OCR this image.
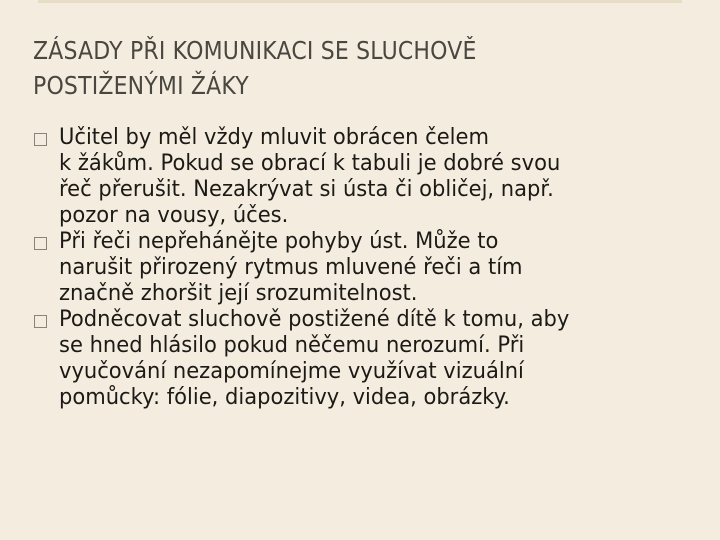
ZÁSADY PŘI KOMUNIKACI SE SLUCHOVĚ
POSTIŽENÝMI ŽÁKY
Učitel by měl vždy mluvit obrácen čelem
k žákům. Pokud se obrací k tabuli je dobré svou
řeč přerušit. Nezakrývat si ústa či obličej, např.
pozor na vousy, účes.
Při řeči nepřehánějte pohyby úst. Může to
narušit přirozený rytmus mluvené řeči a tím
značně zhoršit její srozumitelnost.
Podněcovat sluchově postižené dítě k tomu, aby
se hned hlásilo pokud něčemu nerozumí. Při
vyučování nezapomínejme využívat vizuální
pomůcky: fólie, diapozitivy, videa, obrázky.
